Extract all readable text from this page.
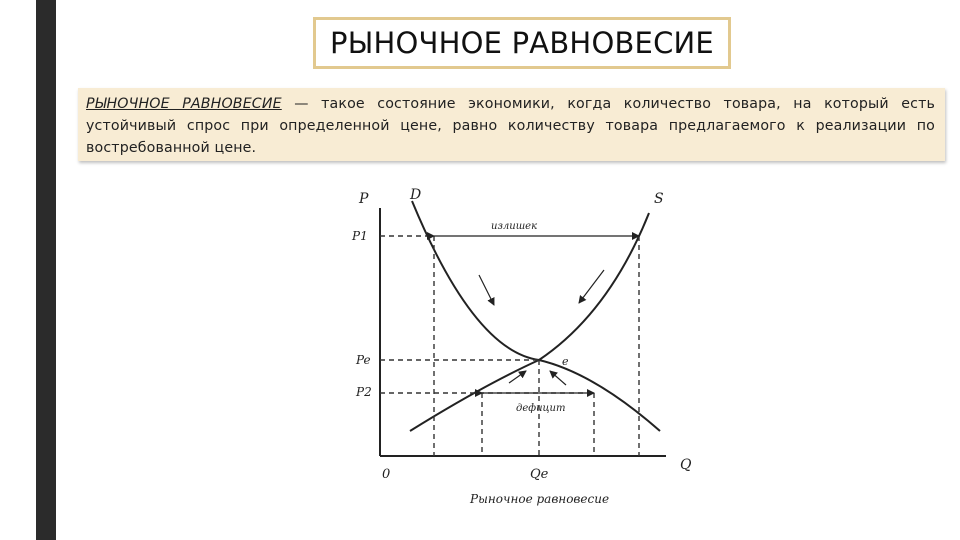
РЫНОЧНОЕ РАВНОВЕСИЕ
РЫНОЧНОЕ РАВНОВЕСИЕ — такое состояние экономики, когда количество товара, на который есть устойчивый спрос при определенной цене, равно количеству товара предлагаемого к реализации по востребованной цене.
P
Q
0
D	S
P1
Pe
P2
Qe
e
излишек
дефицит
Рыночное равновесие
